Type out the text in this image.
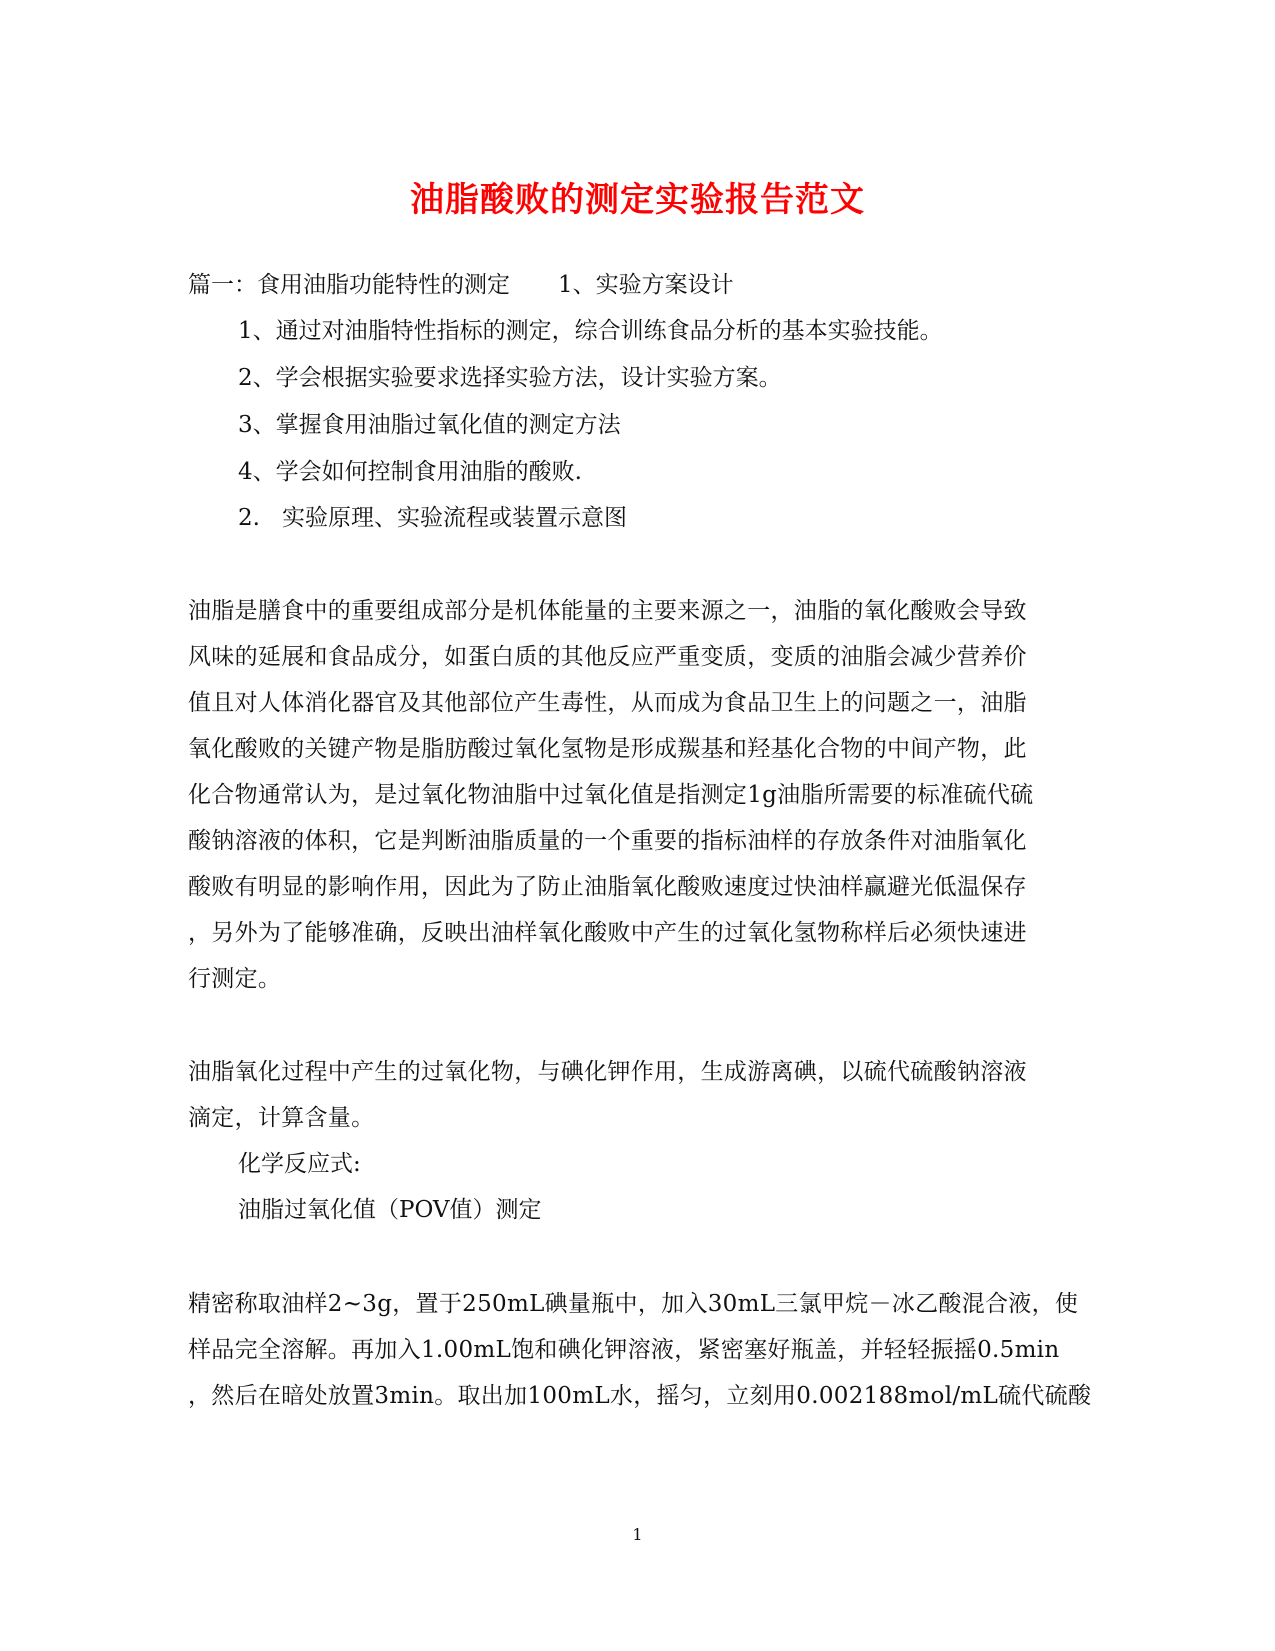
油脂酸败的测定实验报告范文
篇一：食用油脂功能特性的测定 1、实验方案设计
1、通过对油脂特性指标的测定，综合训练食品分析的基本实验技能。
2、学会根据实验要求选择实验方法，设计实验方案。
3、掌握食用油脂过氧化值的测定方法
4、学会如何控制食用油脂的酸败.
2. 实验原理、实验流程或装置示意图
油脂是膳食中的重要组成部分是机体能量的主要来源之一，油脂的氧化酸败会导致
风味的延展和食品成分，如蛋白质的其他反应严重变质，变质的油脂会减少营养价
值且对人体消化器官及其他部位产生毒性，从而成为食品卫生上的问题之一，油脂
氧化酸败的关键产物是脂肪酸过氧化氢物是形成羰基和羟基化合物的中间产物，此
化合物通常认为，是过氧化物油脂中过氧化值是指测定1g油脂所需要的标准硫代硫
酸钠溶液的体积，它是判断油脂质量的一个重要的指标油样的存放条件对油脂氧化
酸败有明显的影响作用，因此为了防止油脂氧化酸败速度过快油样赢避光低温保存
，另外为了能够准确，反映出油样氧化酸败中产生的过氧化氢物称样后必须快速进
行测定。
油脂氧化过程中产生的过氧化物，与碘化钾作用，生成游离碘，以硫代硫酸钠溶液
滴定，计算含量。
化学反应式:
油脂过氧化值（POV值）测定
精密称取油样2~3g，置于250mL碘量瓶中，加入30mL三氯甲烷－冰乙酸混合液，使
样品完全溶解。再加入1.00mL饱和碘化钾溶液，紧密塞好瓶盖，并轻轻振摇0.5min
，然后在暗处放置3min。取出加100mL水，摇匀，立刻用0.002188mol/mL硫代硫酸
1
